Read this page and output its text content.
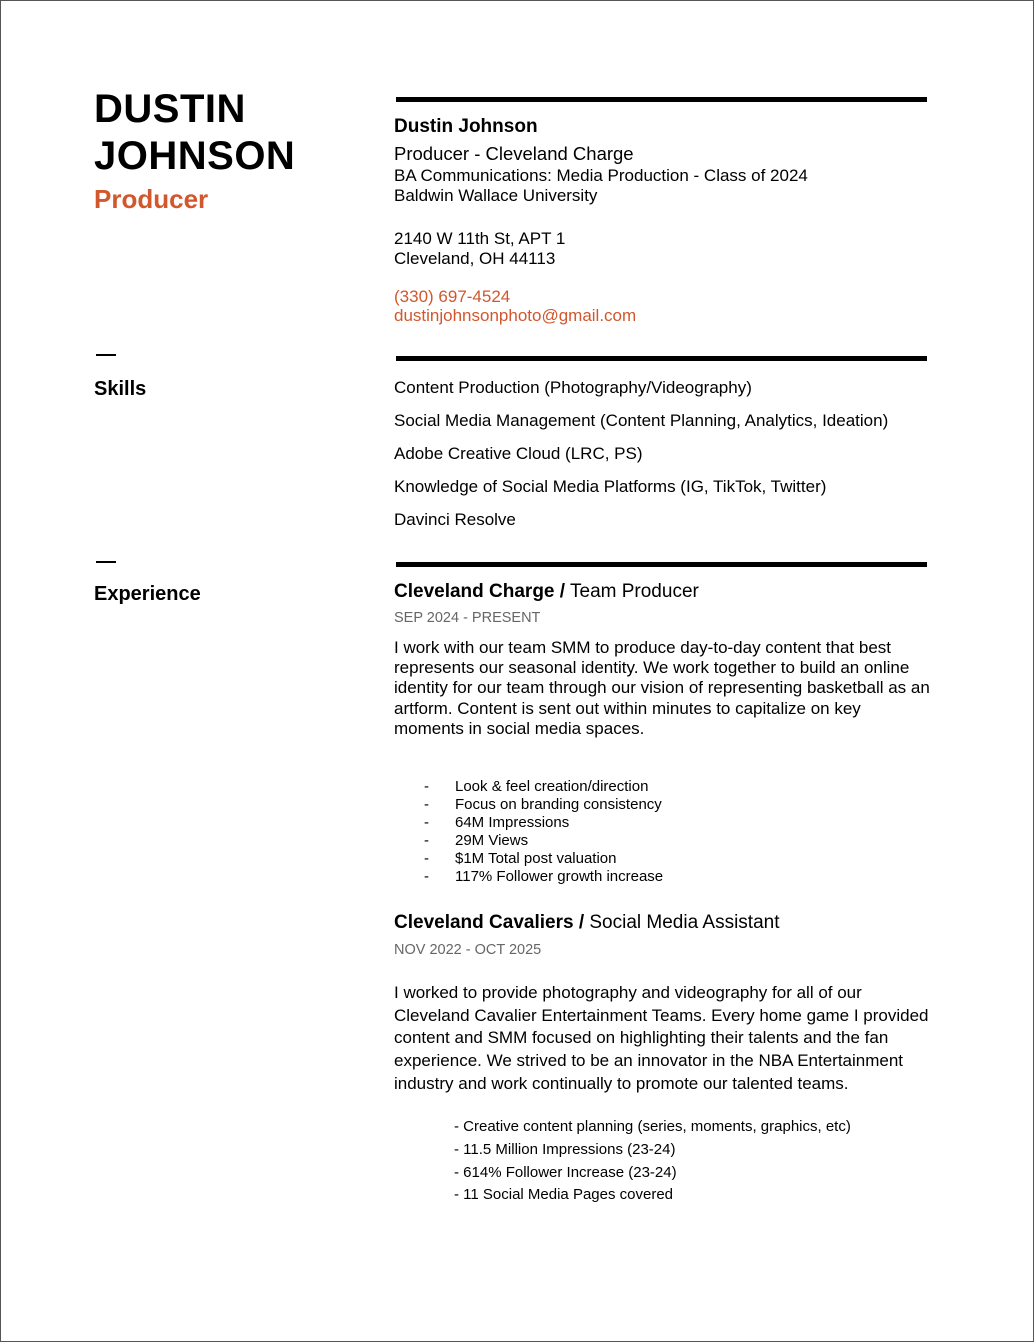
DUSTIN
JOHNSON
Producer
Dustin Johnson
Producer - Cleveland Charge
BA Communications: Media Production - Class of 2024
Baldwin Wallace University
2140 W 11th St, APT 1
Cleveland, OH 44113
(330) 697-4524
dustinjohnsonphoto@gmail.com
Skills	Content Production (Photography/Videography)
Social Media Management (Content Planning, Analytics, Ideation)
Adobe Creative Cloud (LRC, PS)
Knowledge of Social Media Platforms (IG, TikTok, Twitter)
Davinci Resolve
Experience	Cleveland Charge / Team Producer
SEP 2024 - PRESENT
I work with our team SMM to produce day-to-day content that best represents our seasonal identity. We work together to build an online identity for our team through our vision of representing basketball as an artform. Content is sent out within minutes to capitalize on key moments in social media spaces.
-	Look & feel creation/direction
-	Focus on branding consistency
-	64M Impressions
-	29M Views
-	$1M Total post valuation
-	117% Follower growth increase
Cleveland Cavaliers / Social Media Assistant
NOV 2022 - OCT 2025
I worked to provide photography and videography for all of our Cleveland Cavalier Entertainment Teams. Every home game I provided content and SMM focused on highlighting their talents and the fan experience. We strived to be an innovator in the NBA Entertainment industry and work continually to promote our talented teams.
- Creative content planning (series, moments, graphics, etc)
- 11.5 Million Impressions (23-24)
- 614% Follower Increase (23-24)
- 11 Social Media Pages covered
